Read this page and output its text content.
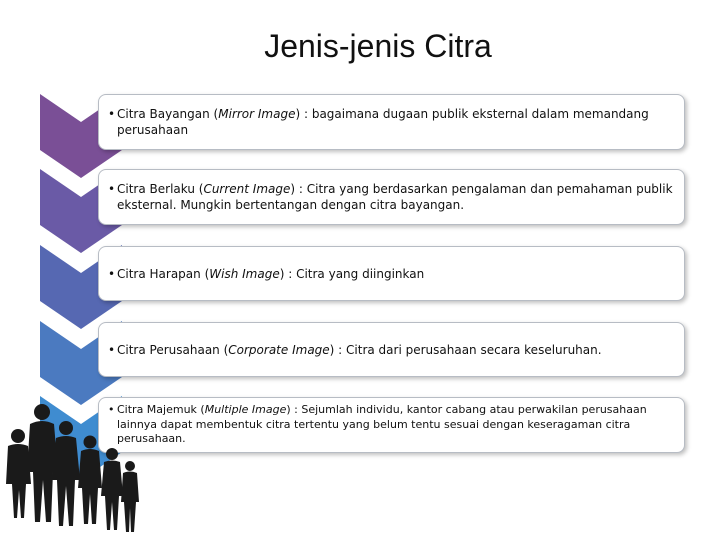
Jenis-jenis Citra
• Citra Bayangan (Mirror Image) : bagaimana dugaan publik eksternal dalam memandang perusahaan
• Citra Berlaku (Current Image) : Citra yang berdasarkan pengalaman dan pemahaman publik eksternal. Mungkin bertentangan dengan citra bayangan.
• Citra Harapan (Wish Image) : Citra yang diinginkan
• Citra Perusahaan (Corporate Image) : Citra dari perusahaan secara keseluruhan.
• Citra Majemuk (Multiple Image) : Sejumlah individu, kantor cabang atau perwakilan perusahaan lainnya dapat membentuk citra tertentu yang belum tentu sesuai dengan keseragaman citra perusahaan.
